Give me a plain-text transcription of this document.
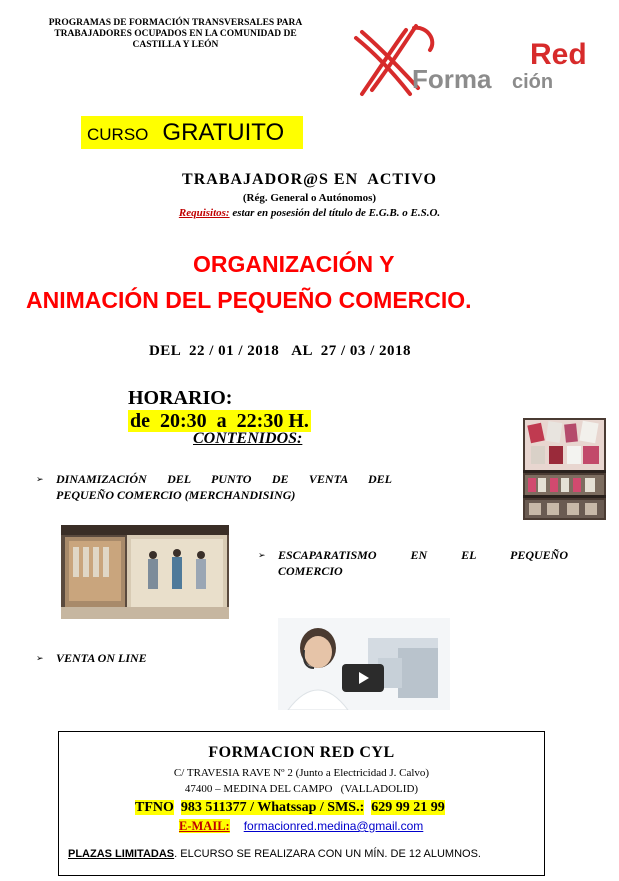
PROGRAMAS DE FORMACIÓN TRANSVERSALES PARA
TRABAJADORES OCUPADOS EN LA COMUNIDAD DE
CASTILLA Y LEÓN	Red
Forma ción
CURSO GRATUITO
TRABAJADOR@S EN  ACTIVO
(Rég. General o Autónomos)
Requisitos: estar en posesión del título de E.G.B. o E.S.O.
ORGANIZACIÓN Y
ANIMACIÓN DEL PEQUEÑO COMERCIO.
DEL  22 / 01 / 2018   AL  27 / 03 / 2018

HORARIO:
de  20:30  a  22:30 H.

CONTENIDOS:
➢ DINAMIZACIÓN DEL PUNTO DE VENTA DEL
PEQUEÑO COMERCIO (MERCHANDISING)
➢ ESCAPARATISMO EN EL PEQUEÑO
COMERCIO
➢ VENTA ON LINE
FORMACION RED CYL
C/ TRAVESIA RAVE Nº 2 (Junto a Electricidad J. Calvo)
47400 – MEDINA DEL CAMPO   (VALLADOLID)
TFNO 983 511377 / Whatssap / SMS.: 629 99 21 99
E-MAIL: formacionred.medina@gmail.com
PLAZAS LIMITADAS. ELCURSO SE REALIZARA CON UN MÍN. DE 12 ALUMNOS.
